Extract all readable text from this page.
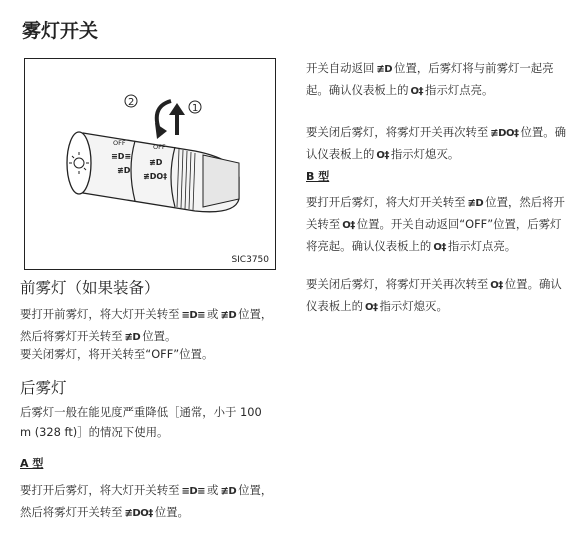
雾灯开关
1
2
OFF	OFF
≡D≡
≢D
≢D
≢DO‡
SIC3750
前雾灯（如果装备）
要打开前雾灯，将大灯开关转至 ≡D≡ 或 ≢D 位置，然后将雾灯开关转至 ≢D 位置。
要关闭雾灯，将开关转至“OFF”位置。
后雾灯
后雾灯一般在能见度严重降低［通常，小于 100 m (328 ft)］的情况下使用。
A 型
要打开后雾灯，将大灯开关转至 ≡D≡ 或 ≢D 位置，然后将雾灯开关转至 ≢DO‡ 位置。
开关自动返回 ≢D 位置，后雾灯将与前雾灯一起亮起。确认仪表板上的 O‡ 指示灯点亮。
要关闭后雾灯，将雾灯开关再次转至 ≢DO‡ 位置。确认仪表板上的 O‡ 指示灯熄灭。
B 型
要打开后雾灯，将大灯开关转至 ≢D 位置，然后将开关转至 O‡ 位置。开关自动返回“OFF”位置，后雾灯将亮起。确认仪表板上的 O‡ 指示灯点亮。
要关闭后雾灯，将雾灯开关再次转至 O‡ 位置。确认仪表板上的 O‡ 指示灯熄灭。
